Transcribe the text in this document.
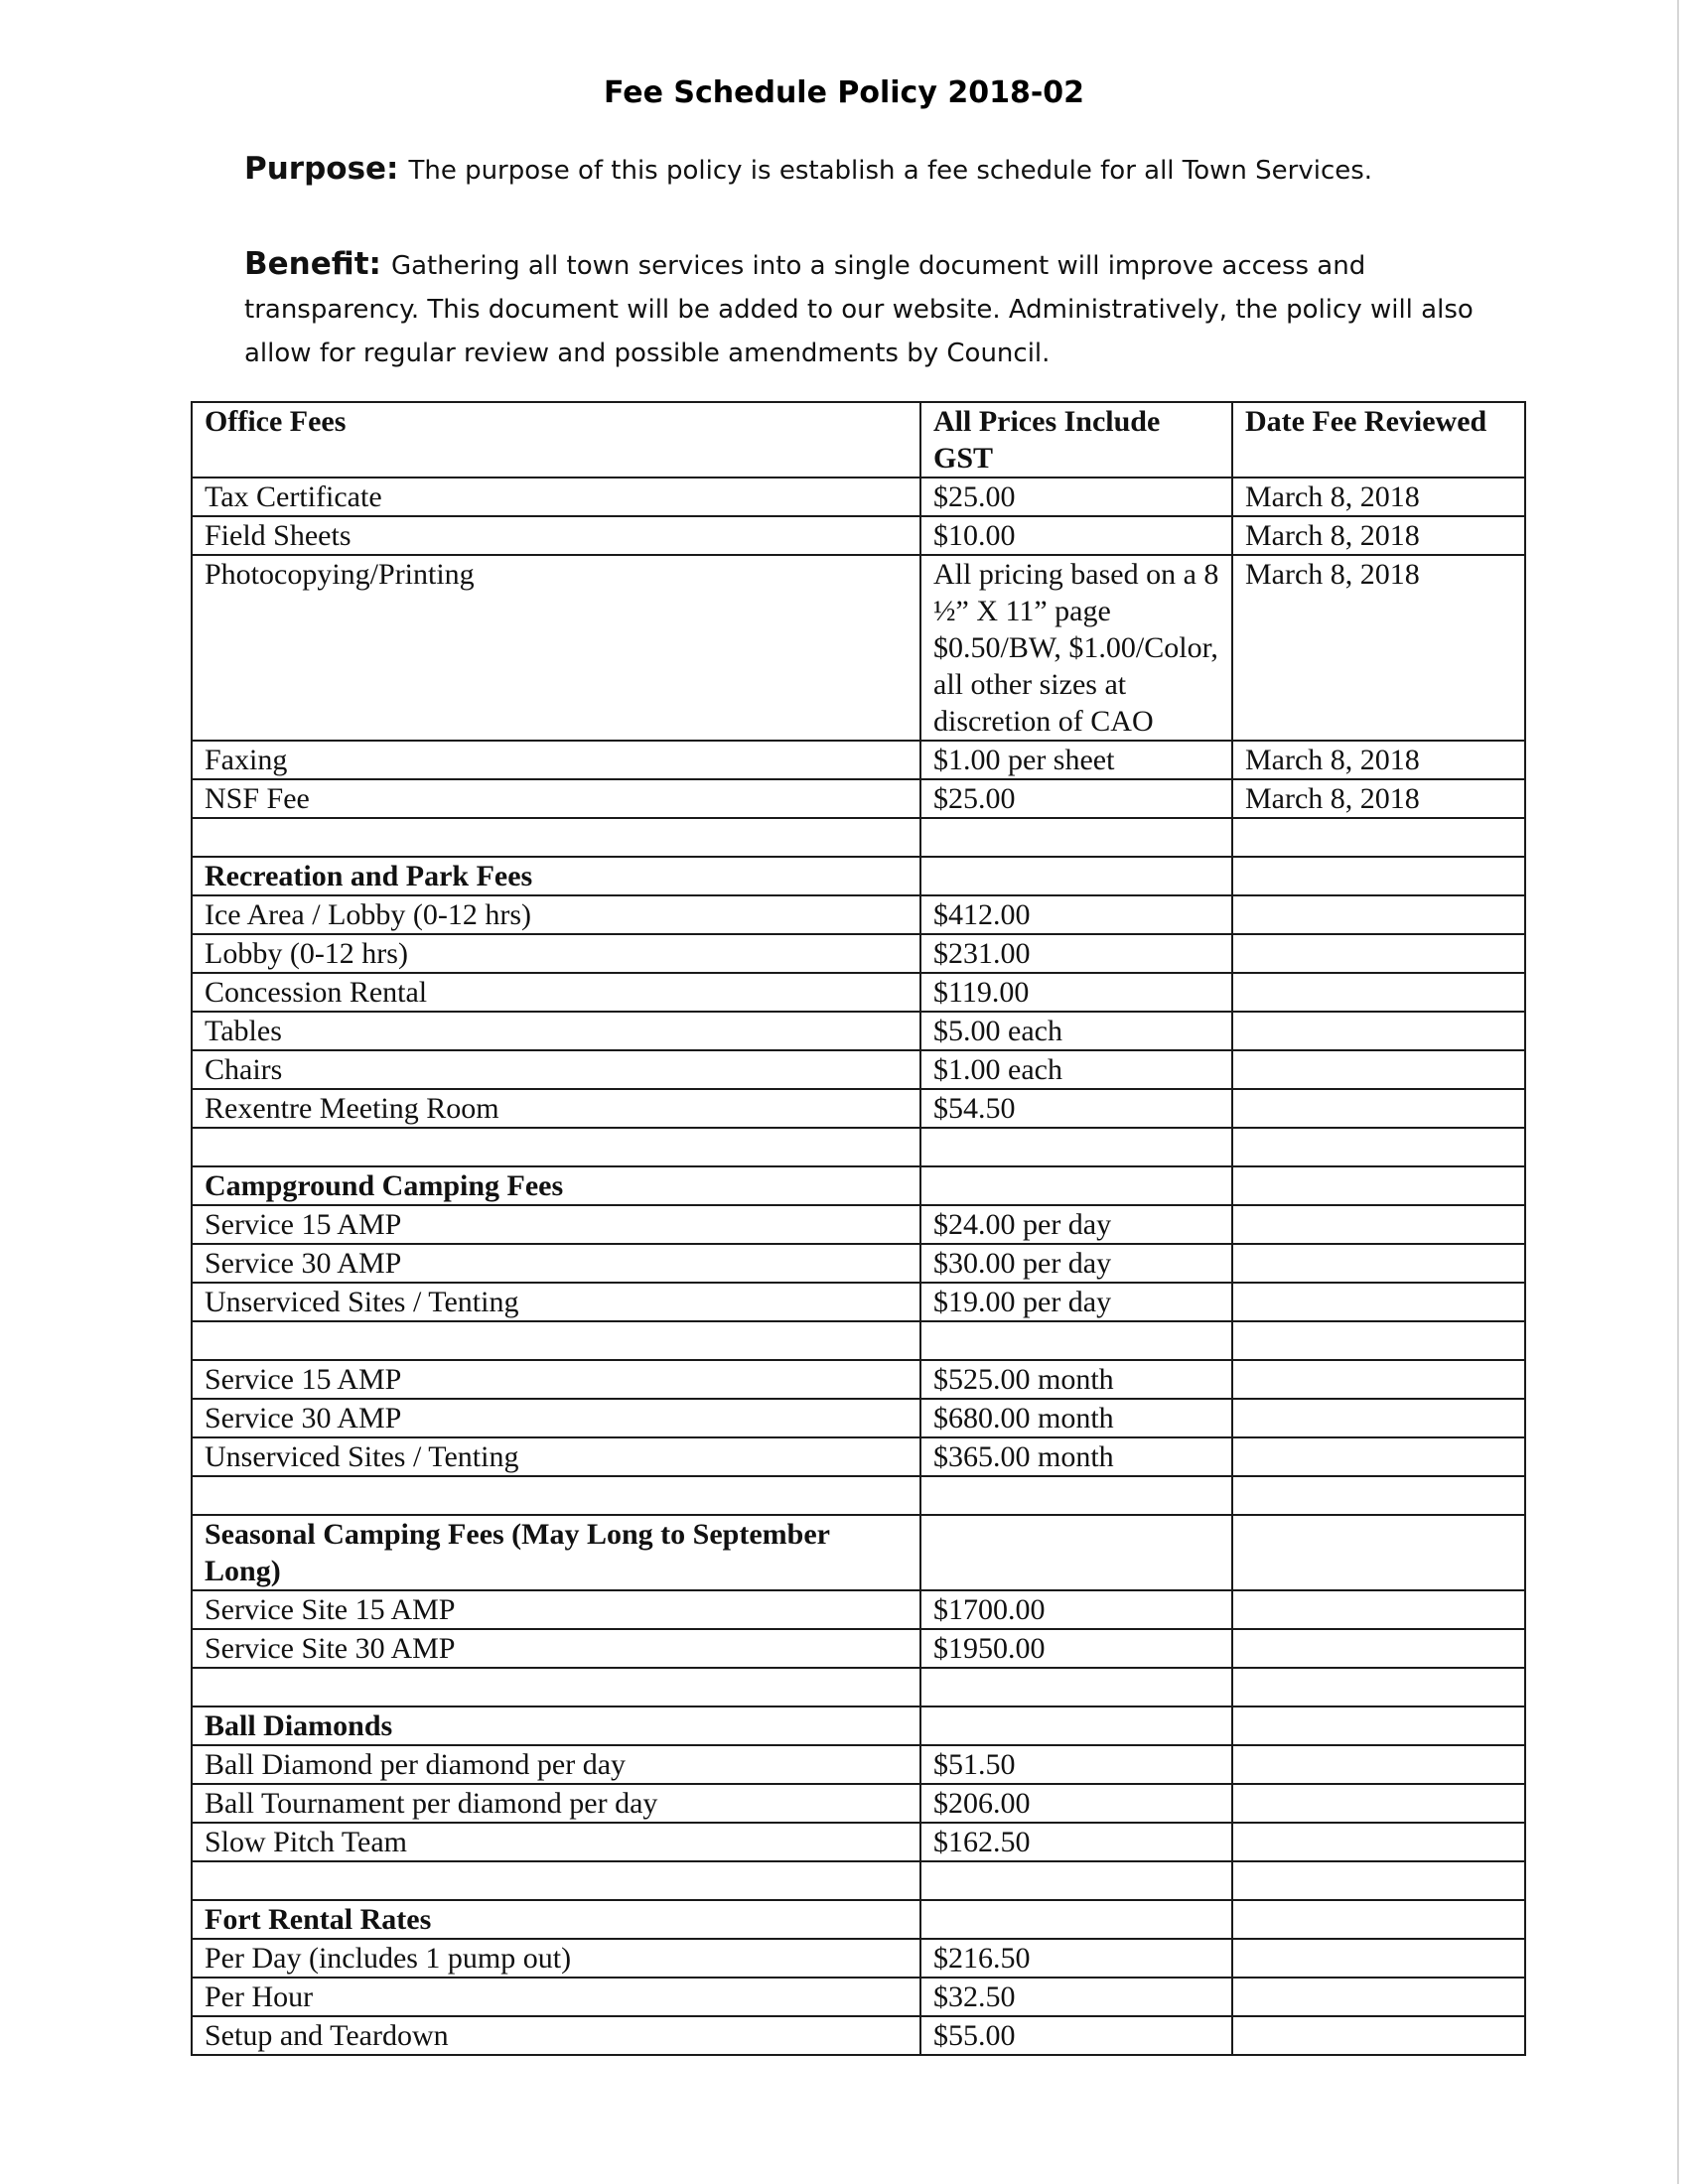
Fee Schedule Policy 2018-02
Purpose: The purpose of this policy is establish a fee schedule for all Town Services.
Benefit: Gathering all town services into a single document will improve access and transparency. This document will be added to our website. Administratively, the policy will also allow for regular review and possible amendments by Council.
Office Fees	All Prices Include GST	Date Fee Reviewed
Tax Certificate	$25.00	March 8, 2018
Field Sheets	$10.00	March 8, 2018
Photocopying/Printing	All pricing based on a 8 ½” X 11” page $0.50/BW, $1.00/Color, all other sizes at discretion of CAO	March 8, 2018
Faxing	$1.00 per sheet	March 8, 2018
NSF Fee	$25.00	March 8, 2018

Recreation and Park Fees		
Ice Area / Lobby (0-12 hrs)	$412.00	
Lobby (0-12 hrs)	$231.00	
Concession Rental	$119.00	
Tables	$5.00 each	
Chairs	$1.00 each	
Rexentre Meeting Room	$54.50	

Campground Camping Fees		
Service 15 AMP	$24.00 per day	
Service 30 AMP	$30.00 per day	
Unserviced Sites / Tenting	$19.00 per day	

Service 15 AMP	$525.00 month	
Service 30 AMP	$680.00 month	
Unserviced Sites / Tenting	$365.00 month	

Seasonal Camping Fees (May Long to September Long)		
Service Site 15 AMP	$1700.00	
Service Site 30 AMP	$1950.00	

Ball Diamonds		
Ball Diamond per diamond per day	$51.50	
Ball Tournament per diamond per day	$206.00	
Slow Pitch Team	$162.50	

Fort Rental Rates		
Per Day (includes 1 pump out)	$216.50	
Per Hour	$32.50	
Setup and Teardown	$55.00	
